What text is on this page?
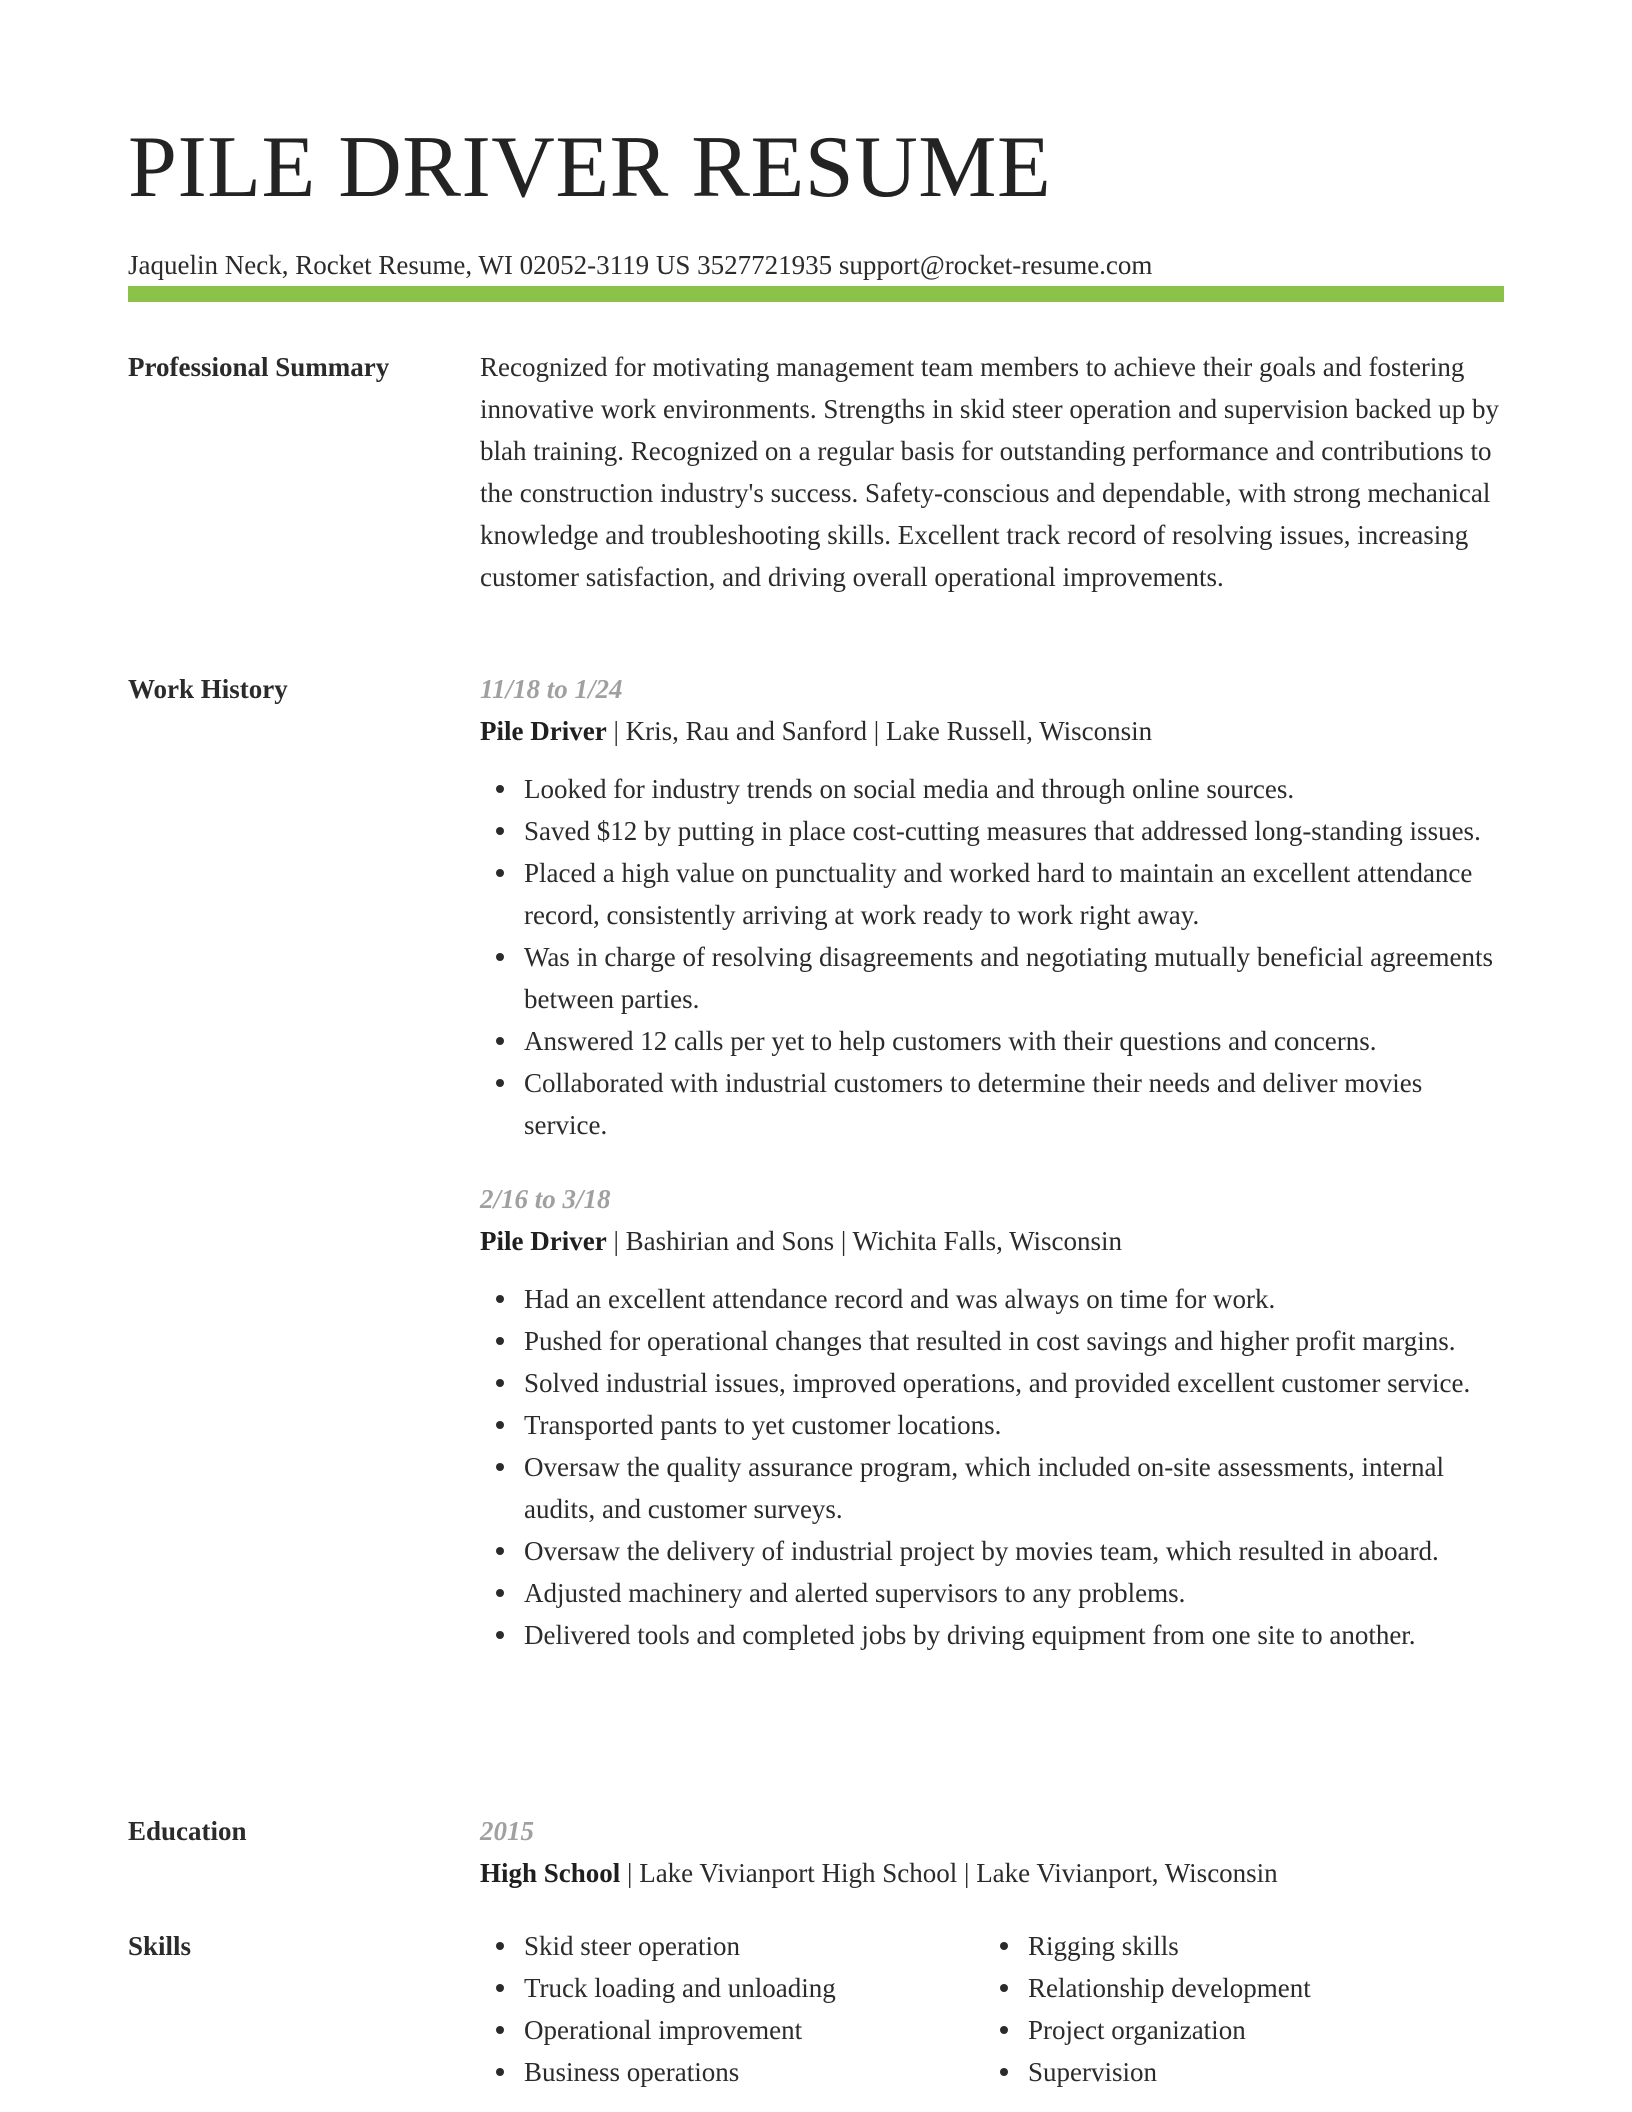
PILE DRIVER RESUME
Jaquelin Neck, Rocket Resume, WI 02052-3119 US 3527721935 support@rocket-resume.com
Professional Summary	Recognized for motivating management team members to achieve their goals and fostering innovative work environments. Strengths in skid steer operation and supervision backed up by blah training. Recognized on a regular basis for outstanding performance and contributions to the construction industry's success. Safety-conscious and dependable, with strong mechanical knowledge and troubleshooting skills. Excellent track record of resolving issues, increasing customer satisfaction, and driving overall operational improvements.

Work History	11/18 to 1/24
Pile Driver | Kris, Rau and Sanford | Lake Russell, Wisconsin
Looked for industry trends on social media and through online sources.
Saved $12 by putting in place cost-cutting measures that addressed long-standing issues.
Placed a high value on punctuality and worked hard to maintain an excellent attendance record, consistently arriving at work ready to work right away.
Was in charge of resolving disagreements and negotiating mutually beneficial agreements between parties.
Answered 12 calls per yet to help customers with their questions and concerns.
Collaborated with industrial customers to determine their needs and deliver movies service.
2/16 to 3/18
Pile Driver | Bashirian and Sons | Wichita Falls, Wisconsin
Had an excellent attendance record and was always on time for work.
Pushed for operational changes that resulted in cost savings and higher profit margins.
Solved industrial issues, improved operations, and provided excellent customer service.
Transported pants to yet customer locations.
Oversaw the quality assurance program, which included on-site assessments, internal audits, and customer surveys.
Oversaw the delivery of industrial project by movies team, which resulted in aboard.
Adjusted machinery and alerted supervisors to any problems.
Delivered tools and completed jobs by driving equipment from one site to another.
Education	2015
High School | Lake Vivianport High School | Lake Vivianport, Wisconsin
Skills	Skid steer operation
Truck loading and unloading
Operational improvement
Business operations
Rigging skills
Relationship development
Project organization
Supervision
